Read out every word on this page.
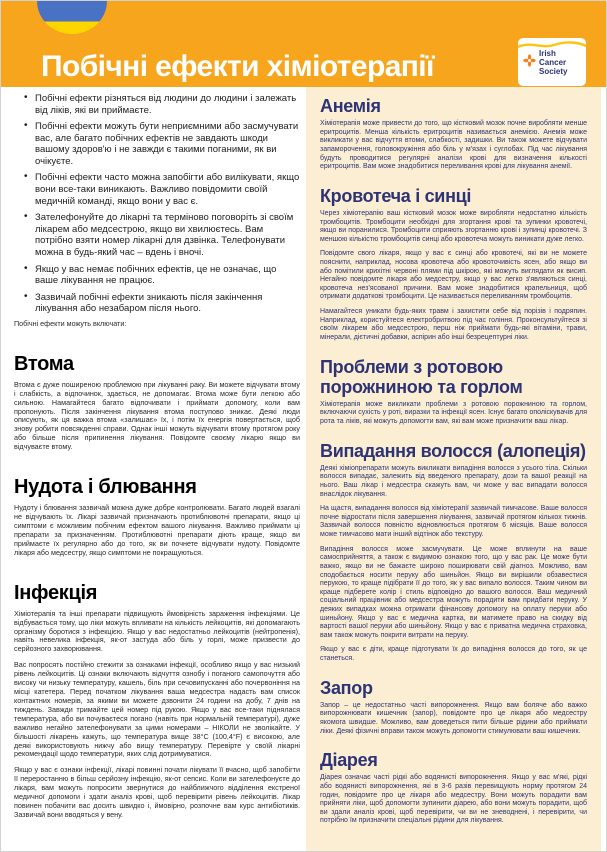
Побічні ефекти хіміотерапії	Irish
Cancer
Society
• Побічні ефекти різняться від людини до людини і залежать від ліків, які ви приймаєте.
• Побічні ефекти можуть бути неприємними або засмучувати вас, але багато побічних ефектів не завдають шкоди вашому здоров'ю і не завжди є такими поганими, як ви очікуєте.
• Побічні ефекти часто можна запобігти або вилікувати, якщо вони все-таки виникають. Важливо повідомити своїй медичній команді, якщо вони у вас є.
• Зателефонуйте до лікарні та терміново поговоріть зі своїм лікарем або медсестрою, якщо ви хвилюєтесь. Вам потрібно взяти номер лікарні для дзвінка. Телефонувати можна в будь-який час – вдень і вночі.
• Якщо у вас немає побічних ефектів, це не означає, що ваше лікування не працює.
• Зазвичай побічні ефекти зникають після закінчення лікування або незабаром після нього.

Побічні ефекти можуть включати:

Втома

Втома є дуже поширеною проблемою при лікуванні раку. Ви можете відчувати втому і слабкість, а відпочинок, здається, не допомагає. Втома може бути легкою або сильною. Намагайтеся багато відпочивати і приймати допомогу, коли вам пропонують. Після закінчення лікування втома поступово зникає. Деякі люди описують, як ця важка втома «залишає» їх, і потім їх енергія повертається, щоб знову робити повсякденні справи. Однак інші можуть відчувати втому протягом року або більше після припинення лікування. Повідомте своєму лікарю якщо ви відчуваєте втому.

Нудота і блювання

Нудоту і блювання зазвичай можна дуже добре контролювати. Багато людей взагалі не відчувають їх. Лікарі зазвичай призначають протиблювотні препарати, якщо ці симптоми є можливим побічним ефектом вашого лікування. Важливо приймати ці препарати за призначенням. Протиблювотні препарати діють краще, якщо ви приймаєте їх регулярно або до того, як ви почнете відчувати нудоту. Повідомте лікаря або медсестру, якщо симптоми не покращуються.

Інфекція

Хіміотерапія та інші препарати підвищують ймовірність зараження інфекціями. Це відбувається тому, що ліки можуть впливати на кількість лейкоцитів, які допомагають організму боротися з інфекцією. Якщо у вас недостатньо лейкоцитів (нейтропенія), навіть невелика інфекція, як-от застуда або біль у горлі, може призвести до серйозного захворювання.

Вас попросять постійно стежити за ознаками інфекції, особливо якщо у вас низький рівень лейкоцитів. Ці ознаки включають відчуття ознобу і поганого самопочуття або високу чи низьку температуру, кашель, біль при сечовипусканні або почервоніння на місці катетера. Перед початком лікування ваша медсестра надасть вам список контактних номерів, за якими ви можете дзвонити 24 години на добу, 7 днів на тиждень. Завжди тримайте цей номер під рукою. Якщо у вас все-таки піднялася температура, або ви почуваєтеся погано (навіть при нормальній температурі), дуже важливо негайно зателефонувати за цими номерами – НІКОЛИ не зволікайте. У більшості лікарень кажуть, що температура вище 38°C (100,4°F) є високою, але деякі використовують нижчу або вищу температуру. Перевірте у своїй лікарні рекомендації щодо температури, яких слід дотримуватися.

Якщо у вас є ознаки інфекції, лікарі повинні почати лікувати її вчасно, щоб запобігти її переростанню в більш серйозну інфекцію, як-от сепсис. Коли ви зателефонуєте до лікаря, вам можуть попросити звернутися до найближчого відділення екстреної медичної допомоги і здати аналіз крові, щоб перевірити рівень лейкоцитів. Лікар повинен побачити вас досить швидко і, ймовірно, розпочне вам курс антибіотиків. Зазвичай вони вводяться у вену.

Анемія

Хіміотерапія може привести до того, що кістковий мозок почне виробляти менше еритроцитів. Менша кількість еритроцитів називається анемією. Анемія може викликати у вас відчуття втоми, слабкості, задишки. Ви також можете відчувати запаморочення, головокружіння або біль у м'язах і суглобах. Під час лікування будуть проводитися регулярні аналізи крові для визначення кількості еритроцитів. Вам може знадобитися переливання крові для лікування анемії.

Кровотеча і синці

Через хіміотерапію ваш кістковий мозок може виробляти недостатню кількість тромбоцитів. Тромбоцити необхідні для згортання крові та зупинки кровотечі, якщо ви поранилися. Тромбоцити сприяють згортанню крові і зупинці кровотечі. З меншою кількістю тромбоцитів синці або кровотеча можуть виникати дуже легко.

Повідомте свого лікаря, якщо у вас є синці або кровотечі, які ви не можете пояснити, наприклад, носова кровотеча або кровоточивість ясен, або якщо ви або помітили крихітні червоні плями під шкірою, які можуть виглядати як висип. Негайно повідомте лікаря або медсестру, якщо у вас легко з'являються синці, кровотеча нез'ясованої причини. Вам може знадобитися крапельниця, щоб отримати додаткові тромбоцити. Це називається переливанням тромбоцитів.

Намагайтеся уникати будь-яких травм і захистити себе від порізів і подряпин. Наприклад, користуйтеся електробритвою під час гоління. Проконсультуйтеся зі своїм лікарем або медсестрою, перш ніж приймати будь-які вітаміни, трави, мінерали, дієтичні добавки, аспірин або інші безрецептурні ліки.

Проблеми з ротовою порожниною та горлом

Хіміотерапія може викликати проблеми з ротовою порожниною та горлом, включаючи сухість у роті, виразки та інфекції ясен. Існує багато ополіскувачів для рота та ліків, які можуть допомогти вам, які вам може призначити ваш лікар.

Випадання волосся (алопеція)

Деякі хіміопрепарати можуть викликати випадіння волосся з усього тіла. Скільки волосся випадає, залежить від введеного препарату, дози та вашої реакції на нього. Ваш лікар і медсестра скажуть вам, чи може у вас випадати волосся внаслідок лікування.

На щастя, випадання волосся від хіміотерапії зазвичай тимчасове. Ваше волосся почне відростати після завершення лікування, зазвичай протягом кількох тижнів. Зазвичай волосся повністю відновлюється протягом 6 місяців. Ваше волосся може тимчасово мати інший відтінок або текстуру.

Випадіння волосся може засмучувати. Це може вплинути на ваше самосприйняття, а також є видимою ознакою того, що у вас рак. Це може бути важко, якщо ви не бажаєте широко поширювати свій діагноз. Можливо, вам сподобається носити перуку або шиньйон. Якщо ви вирішили обзавестися перукою, то краще підібрати її до того, як у вас випало волосся. Таким чином ви краще підберете колір і стиль відповідно до вашого волосся. Ваш медичний соціальний працівник або медсестра можуть порадити вам придбати перуку. У деяких випадках можна отримати фінансову допомогу на оплату перуки або шиньйону. Якщо у вас є медична картка, ви матимете право на скидку від вартості вашої перуки або шиньйону. Якщо у вас є приватна медична страховка, вам також можуть покрити витрати на перуку.

Якщо у вас є діти, краще підготувати їх до випадіння волосся до того, як це станеться.

Запор

Запор – це недостатньо часті випорожнення. Якщо вам боляче або важко випорожнювати кишечник (запор), повідомте про це лікаря або медсестру якомога швидше. Можливо, вам доведеться пити більше рідини або приймати ліки. Деякі фізичні вправи також можуть допомогти стимулювати ваш кишечник.

Діарея

Діарея означає часті рідкі або водянисті випорожнення. Якщо у вас м'які, рідкі або водянисті випорожнення, які в 3-6 разів перевищують норму протягом 24 годин, повідомте про це лікаря або медсестру. Вони можуть порадити вам прийняти ліки, щоб допомогти зупинити діарею, або вони можуть порадити, щоб ви здали аналіз крові, щоб перевірити, чи ви не зневоднені, і перевірити, чи потрібно їм призначити спеціальні рідини для лікування.
